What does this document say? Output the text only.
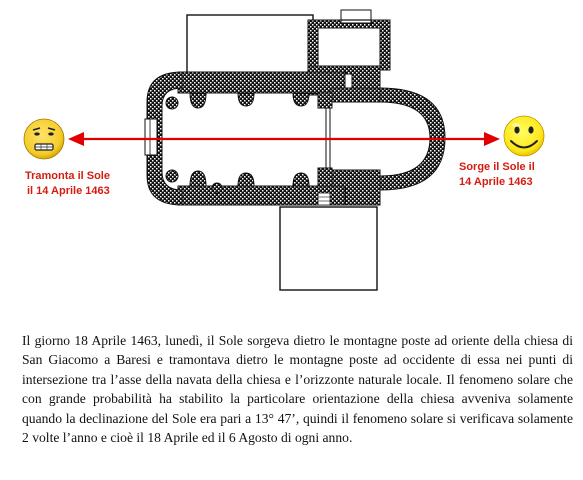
Tramonta il Sole
il 14 Aprile 1463
Sorge il Sole il
14 Aprile 1463

Il giorno 18 Aprile 1463, lunedì, il Sole sorgeva dietro le montagne poste ad oriente della chiesa di San Giacomo a Baresi e tramontava dietro le montagne poste ad occidente di essa nei punti di intersezione tra l’asse della navata della chiesa e l’orizzonte naturale locale. Il fenomeno solare che con grande probabilità ha stabilito la particolare orientazione della chiesa avveniva solamente quando la declinazione del Sole era pari a 13° 47’, quindi il fenomeno solare si verificava solamente 2 volte l’anno e cioè il 18 Aprile ed il 6 Agosto di ogni anno.
